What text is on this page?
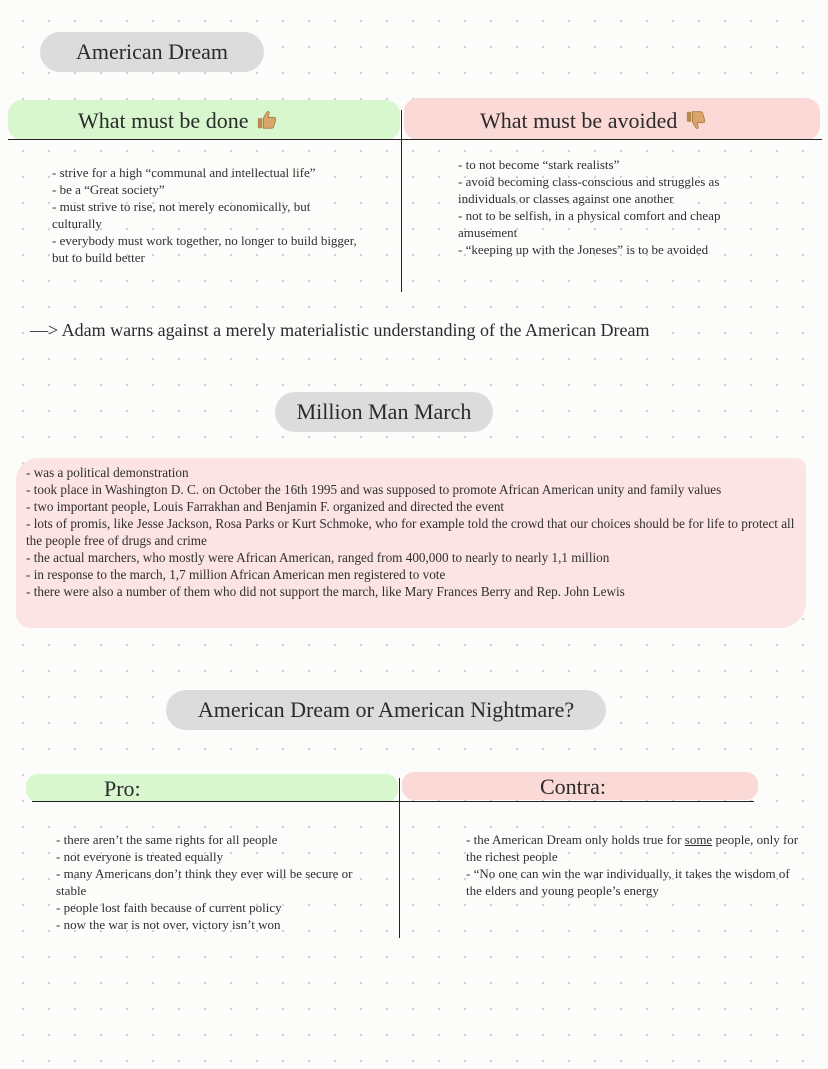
American Dream
What must be done	What must be avoided
- strive for a high “communal and intellectual life”
- be a “Great society”
- must strive to rise, not merely economically, but culturally
- everybody must work together, no longer to build bigger, but to build better
- to not become “stark realists”
- avoid becoming class-conscious and struggles as individuals or classes against one another
- not to be selfish, in a physical comfort and cheap amusement
- “keeping up with the Joneses” is to be avoided
—> Adam warns against a merely materialistic understanding of the American Dream
Million Man March
- was a political demonstration
- took place in Washington D. C. on October the 16th 1995 and was supposed to promote African American unity and family values
- two important people, Louis Farrakhan and Benjamin F. organized and directed the event
- lots of promis, like Jesse Jackson, Rosa Parks or Kurt Schmoke, who for example told the crowd that our choices should be for life to protect all the people free of drugs and crime
- the actual marchers, who mostly were African American, ranged from 400,000 to nearly to nearly 1,1 million
- in response to the march, 1,7 million African American men registered to vote
- there were also a number of them who did not support the march, like Mary Frances Berry and Rep. John Lewis
American Dream or American Nightmare?
Pro:	Contra:
- there aren’t the same rights for all people
- not everyone is treated equally
- many Americans don’t think they ever will be secure or stable
- people lost faith because of current policy
- now the war is not over, victory isn’t won
- the American Dream only holds true for some people, only for the richest people
- “No one can win the war individually, it takes the wisdom of the elders and young people’s energy
